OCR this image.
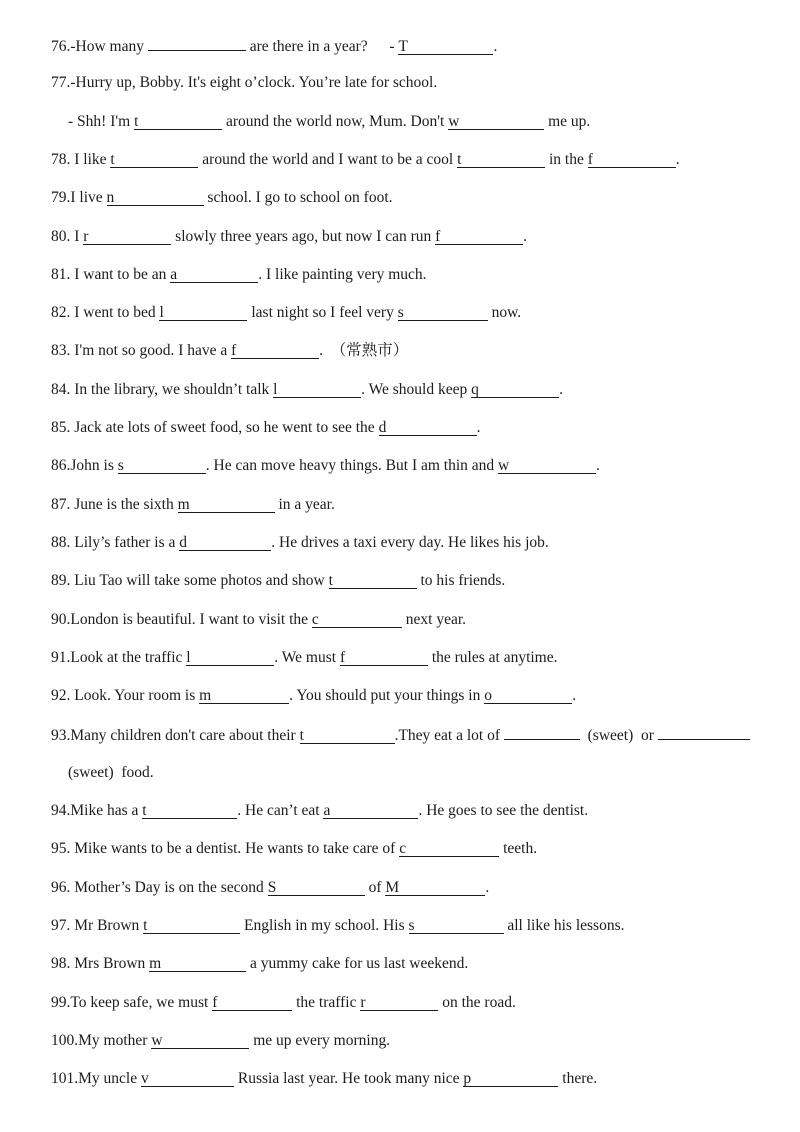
76.-How many	are there in a year?  - T	.
77.-Hurry up, Bobby. It's eight o’clock. You’re late for school.
- Shh! I'm t	around the world now, Mum. Don't w	me up.
78. I like t	around the world and I want to be a cool t	in the f	.
79.I live n	school. I go to school on foot.
80. I r	slowly three years ago, but now I can run f	.
81. I want to be an a	. I like painting very much.
82. I went to bed l	last night so I feel very s	now.
83. I'm not so good. I have a f	.  （常熟市）
84. In the library, we shouldn’t talk l	. We should keep q	.
85. Jack ate lots of sweet food, so he went to see the d	.
86.John is s	. He can move heavy things. But I am thin and w	.
87. June is the sixth m	in a year.
88. Lily’s father is a d	. He drives a taxi every day. He likes his job.
89. Liu Tao will take some photos and show t	to his friends.
90.London is beautiful. I want to visit the c	next year.
91.Look at the traffic l	. We must f	the rules at anytime.
92. Look. Your room is m	. You should put your things in o	.
93.Many children don't care about their t	.They eat a lot of	(sweet)  or
(sweet)  food.
94.Mike has a t	. He can’t eat a	. He goes to see the dentist.
95. Mike wants to be a dentist. He wants to take care of c	teeth.
96. Mother’s Day is on the second S	of M	.
97. Mr Brown t	English in my school. His s	all like his lessons.
98. Mrs Brown m	a yummy cake for us last weekend.
99.To keep safe, we must f	the traffic r	on the road.
100.My mother w	me up every morning.
101.My uncle v	Russia last year. He took many nice p	there.
